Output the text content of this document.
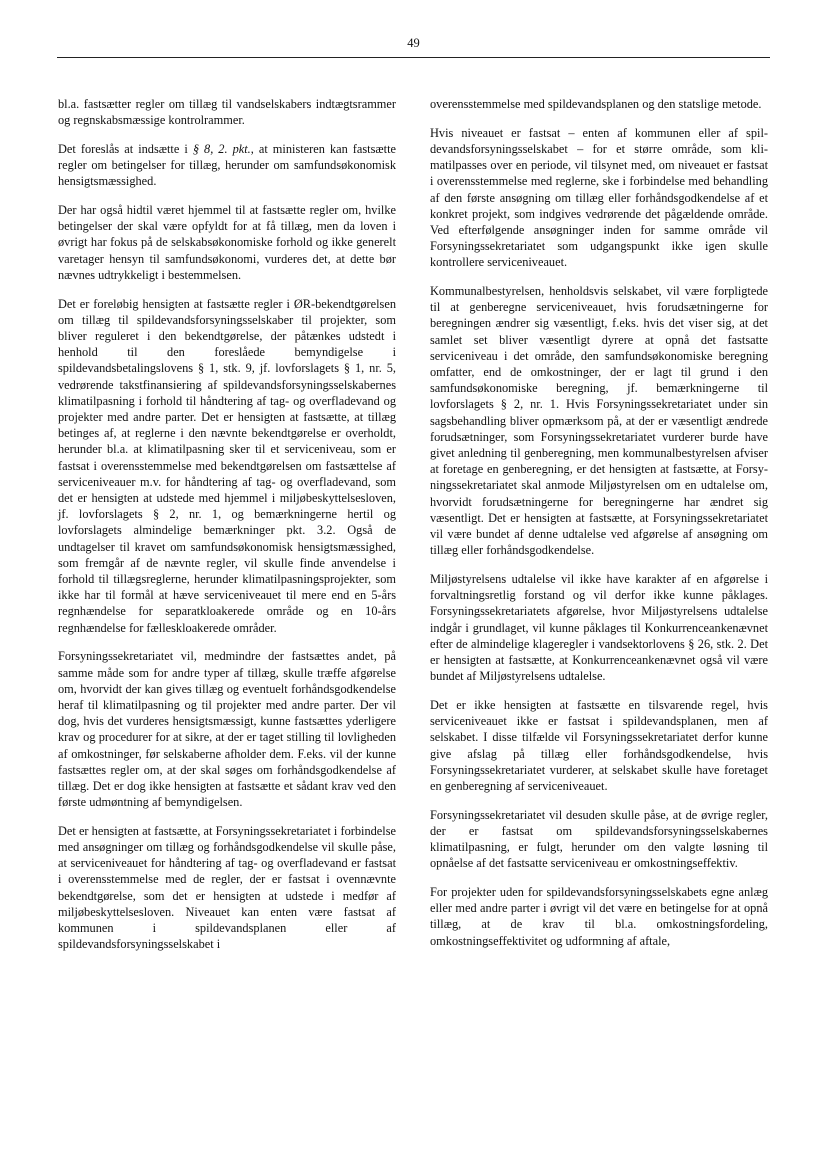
49

bl.a. fastsætter regler om tillæg til vandselskabers indtægtsrammer og regnskabsmæssige kontrolrammer.

Det foreslås at indsætte i § 8, 2. pkt., at ministeren kan fastsætte regler om betingelser for tillæg, herunder om samfundsøkonomisk hensigtsmæssighed.

Der har også hidtil været hjemmel til at fastsætte regler om, hvilke betingelser der skal være opfyldt for at få tillæg, men da loven i øvrigt har fokus på de selskabsøkonomiske forhold og ikke generelt varetager hensyn til samfundsøkonomi, vurderes det, at dette bør nævnes udtrykkeligt i bestemmelsen.

Det er foreløbig hensigten at fastsætte regler i ØR-bekendtgørelsen om tillæg til spildevandsforsyningsselskaber til projekter, som bliver reguleret i den bekendtgørelse, der påtænkes udstedt i henhold til den foreslåede bemyndigelse i spildevandsbetalingslovens § 1, stk. 9, jf. lovforslagets § 1, nr. 5, vedrørende takstfinansiering af spildevandsforsyningsselskabernes klimatilpasning i forhold til håndtering af tag- og overfladevand og projekter med andre parter. Det er hensigten at fastsætte, at tillæg betinges af, at reglerne i den nævnte bekendtgørelse er overholdt, herunder bl.a. at klimatilpasning sker til et serviceniveau, som er fastsat i overensstemmelse med bekendtgørelsen om fastsættelse af serviceniveauer m.v. for håndtering af tag- og overfladevand, som det er hensigten at udstede med hjemmel i miljøbeskyttelsesloven, jf. lovforslagets § 2, nr. 1, og bemærkningerne hertil og lovforslagets almindelige bemærkninger pkt. 3.2. Også de undtagelser til kravet om samfundsøkonomisk hensigtsmæssighed, som fremgår af de nævnte regler, vil skulle finde anvendelse i forhold til tillægsreglerne, herunder klimatilpasningsprojekter, som ikke har til formål at hæve serviceniveauet til mere end en 5-års regnhændelse for separatkloakerede område og en 10-års regnhændelse for fælleskloakerede områder.

Forsyningssekretariatet vil, medmindre der fastsættes andet, på samme måde som for andre typer af tillæg, skulle træffe afgørelse om, hvorvidt der kan gives tillæg og eventuelt forhåndsgodkendelse heraf til klimatilpasning og til projekter med andre parter. Der vil dog, hvis det vurderes hensigtsmæssigt, kunne fastsættes yderligere krav og procedurer for at sikre, at der er taget stilling til lovligheden af omkostninger, før selskaberne afholder dem. F.eks. vil der kunne fastsættes regler om, at der skal søges om forhåndsgodkendelse af tillæg. Det er dog ikke hensigten at fastsætte et sådant krav ved den første udmøntning af bemyndigelsen.

Det er hensigten at fastsætte, at Forsyningssekretariatet i forbindelse med ansøgninger om tillæg og forhåndsgodkendelse vil skulle påse, at serviceniveauet for håndtering af tag- og overfladevand er fastsat i overensstemmelse med de regler, der er fastsat i ovennævnte bekendtgørelse, som det er hensigten at udstede i medfør af miljøbeskyttelsesloven. Niveauet kan enten være fastsat af kommunen i spildevandsplanen eller af spildevandsforsyningsselskabet i

overensstemmelse med spildevandsplanen og den statslige metode.

Hvis niveauet er fastsat – enten af kommunen eller af spildevandsforsyningsselskabet – for et større område, som klimatilpasses over en periode, vil tilsynet med, om niveauet er fastsat i overensstemmelse med reglerne, ske i forbindelse med behandling af den første ansøgning om tillæg eller forhåndsgodkendelse af et konkret projekt, som indgives vedrørende det pågældende område. Ved efterfølgende ansøgninger inden for samme område vil Forsyningssekretariatet som udgangspunkt ikke igen skulle kontrollere serviceniveauet.

Kommunalbestyrelsen, henholdsvis selskabet, vil være forpligtede til at genberegne serviceniveauet, hvis forudsætningerne for beregningen ændrer sig væsentligt, f.eks. hvis det viser sig, at det samlet set bliver væsentligt dyrere at opnå det fastsatte serviceniveau i det område, den samfundsøkonomiske beregning omfatter, end de omkostninger, der er lagt til grund i den samfundsøkonomiske beregning, jf. bemærkningerne til lovforslagets § 2, nr. 1. Hvis Forsyningssekretariatet under sin sagsbehandling bliver opmærksom på, at der er væsentligt ændrede forudsætninger, som Forsyningssekretariatet vurderer burde have givet anledning til genberegning, men kommunalbestyrelsen afviser at foretage en genberegning, er det hensigten at fastsætte, at Forsyningssekretariatet skal anmode Miljøstyrelsen om en udtalelse om, hvorvidt forudsætningerne for beregningerne har ændret sig væsentligt. Det er hensigten at fastsætte, at Forsyningssekretariatet vil være bundet af denne udtalelse ved afgørelse af ansøgning om tillæg eller forhåndsgodkendelse.

Miljøstyrelsens udtalelse vil ikke have karakter af en afgørelse i forvaltningsretlig forstand og vil derfor ikke kunne påklages. Forsyningssekretariatets afgørelse, hvor Miljøstyrelsens udtalelse indgår i grundlaget, vil kunne påklages til Konkurrenceankenævnet efter de almindelige klageregler i vandsektorlovens § 26, stk. 2. Det er hensigten at fastsætte, at Konkurrenceankenævnet også vil være bundet af Miljøstyrelsens udtalelse.

Det er ikke hensigten at fastsætte en tilsvarende regel, hvis serviceniveauet ikke er fastsat i spildevandsplanen, men af selskabet. I disse tilfælde vil Forsyningssekretariatet derfor kunne give afslag på tillæg eller forhåndsgodkendelse, hvis Forsyningssekretariatet vurderer, at selskabet skulle have foretaget en genberegning af serviceniveauet.

Forsyningssekretariatet vil desuden skulle påse, at de øvrige regler, der er fastsat om spildevandsforsyningsselskabernes klimatilpasning, er fulgt, herunder om den valgte løsning til opnåelse af det fastsatte serviceniveau er omkostningseffektiv.

For projekter uden for spildevandsforsyningsselskabets egne anlæg eller med andre parter i øvrigt vil det være en betingelse for at opnå tillæg, at de krav til bl.a. omkostningsfordeling, omkostningseffektivitet og udformning af aftale,
